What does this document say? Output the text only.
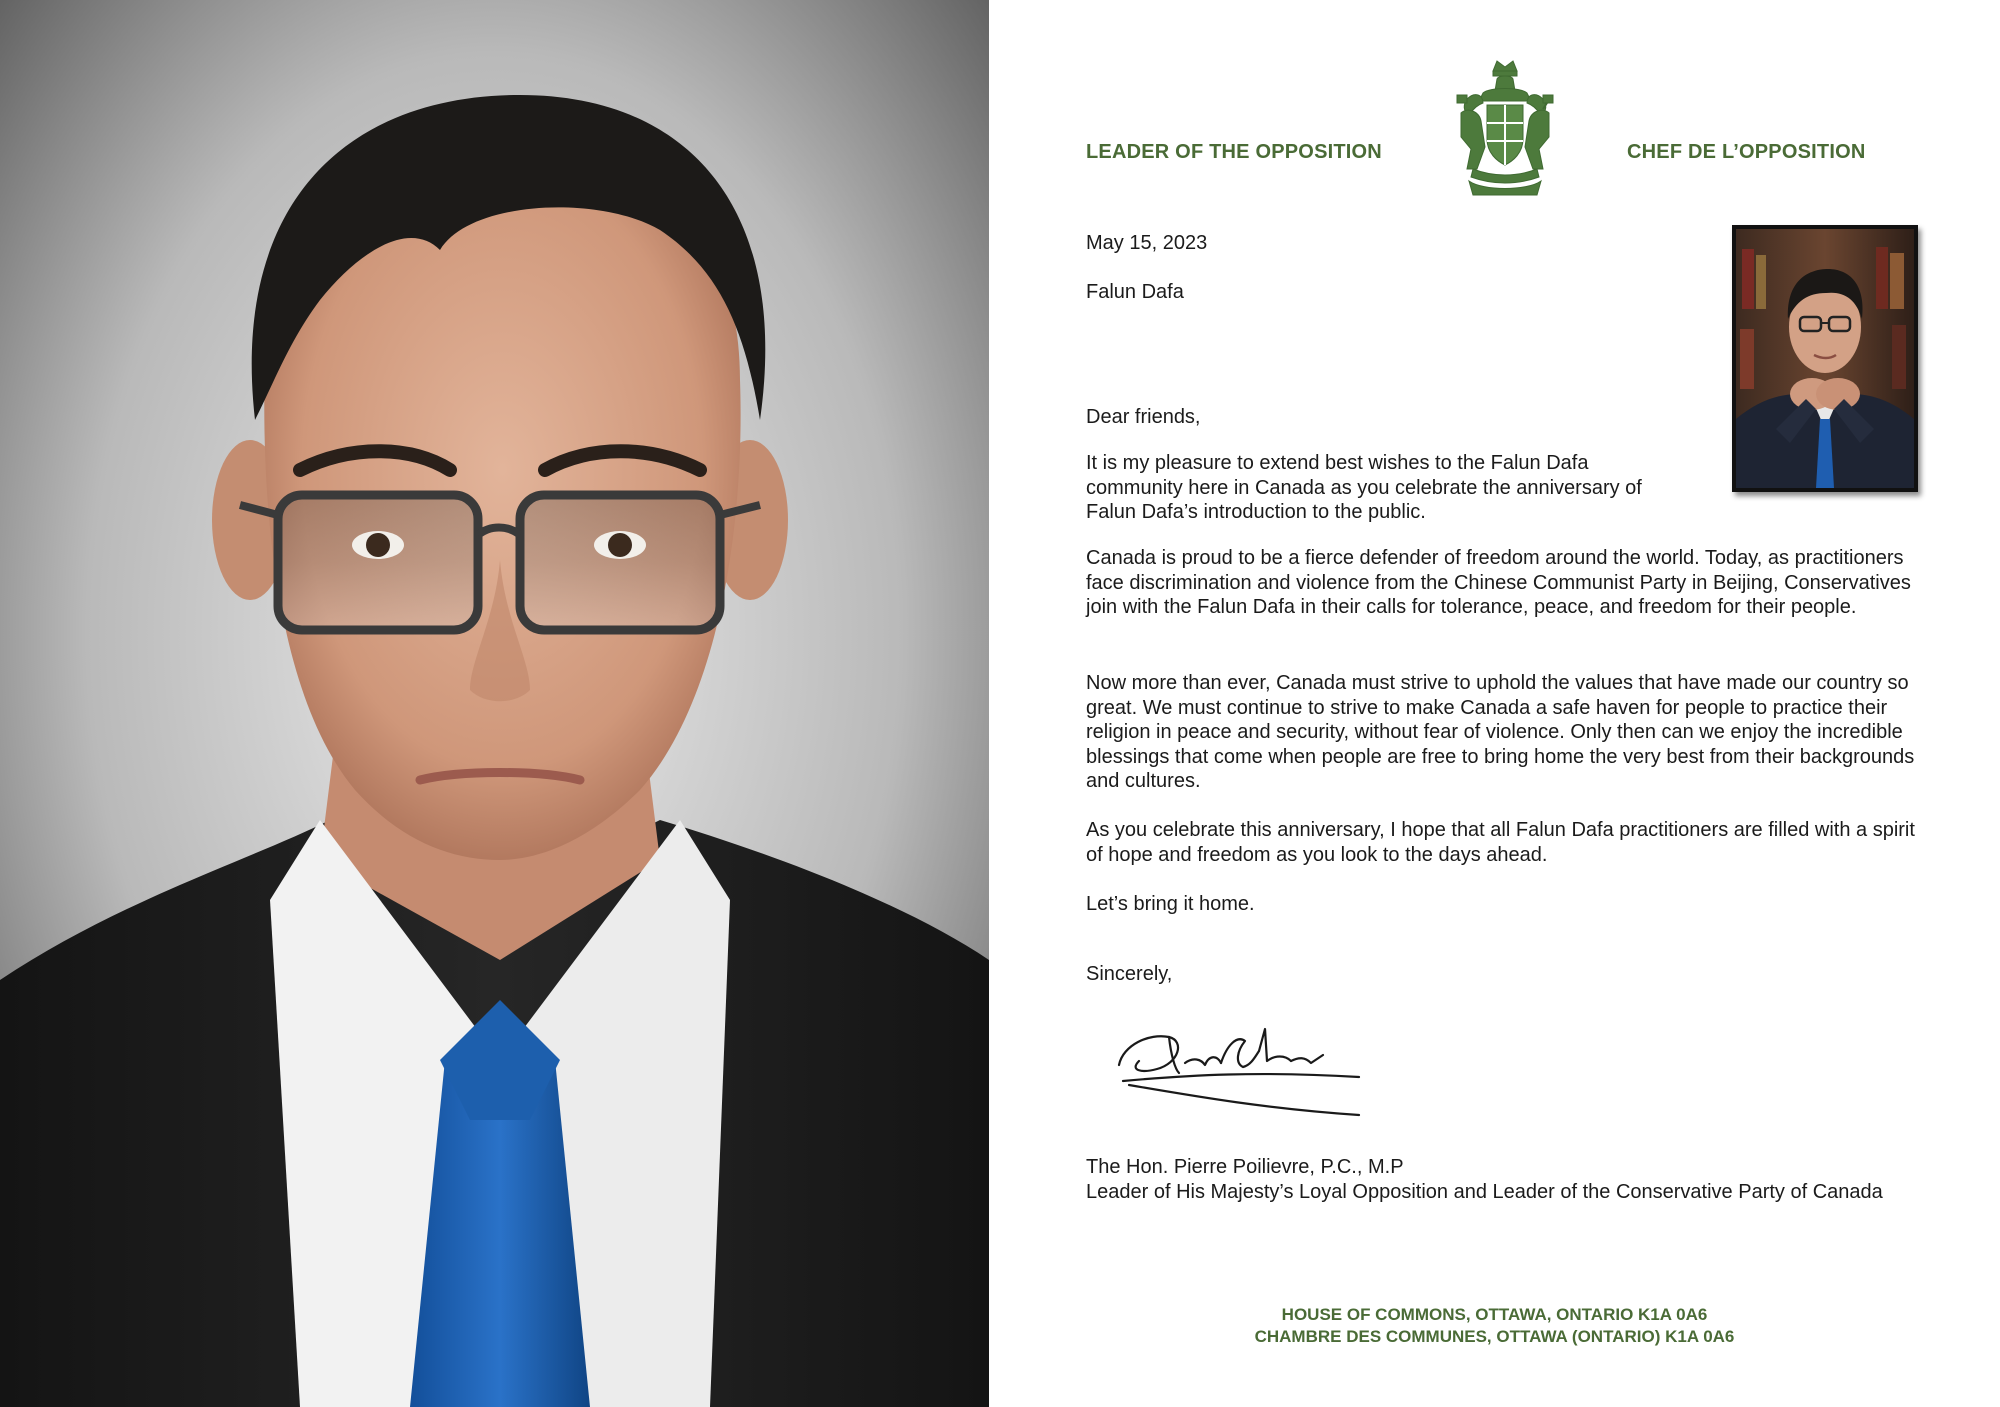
LEADER OF THE OPPOSITION	CHEF DE L’OPPOSITION
May 15, 2023
Falun Dafa
Dear friends,
It is my pleasure to extend best wishes to the Falun Dafa community here in Canada as you celebrate the anniversary of Falun Dafa’s introduction to the public.
Canada is proud to be a fierce defender of freedom around the world. Today, as practitioners face discrimination and violence from the Chinese Communist Party in Beijing, Conservatives join with the Falun Dafa in their calls for tolerance, peace, and freedom for their people.
Now more than ever, Canada must strive to uphold the values that have made our country so great. We must continue to strive to make Canada a safe haven for people to practice their religion in peace and security, without fear of violence. Only then can we enjoy the incredible blessings that come when people are free to bring home the very best from their backgrounds and cultures.
As you celebrate this anniversary, I hope that all Falun Dafa practitioners are filled with a spirit of hope and freedom as you look to the days ahead.
Let’s bring it home.
Sincerely,
The Hon. Pierre Poilievre, P.C., M.P
Leader of His Majesty’s Loyal Opposition and Leader of the Conservative Party of Canada
HOUSE OF COMMONS, OTTAWA, ONTARIO K1A 0A6
CHAMBRE DES COMMUNES, OTTAWA (ONTARIO) K1A 0A6
